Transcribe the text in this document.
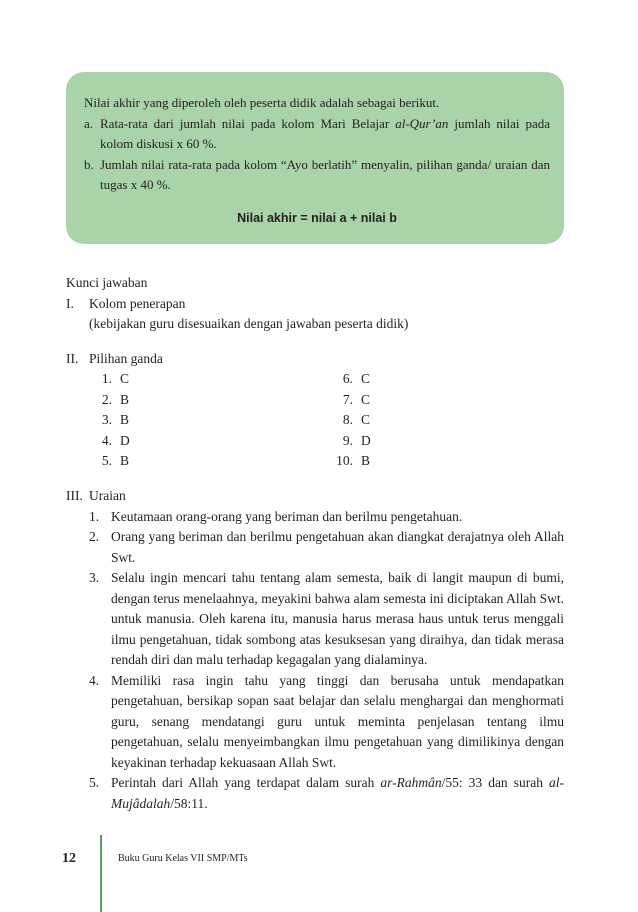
Nilai akhir yang diperoleh oleh peserta didik adalah sebagai berikut.

a. Rata-rata dari jumlah nilai pada kolom Mari Belajar al-Qur’an jumlah nilai pada kolom diskusi x 60 %.
b. Jumlah nilai rata-rata pada kolom “Ayo berlatih” menyalin, pilihan ganda/ uraian dan tugas x 40 %.

Nilai akhir = nilai a + nilai b

Kunci jawaban

I.	Kolom penerapan

(kebijakan guru disesuaikan dengan jawaban peserta didik)

II. Pilihan ganda
1. C
2. B
3. B
4. D
5. B
6. C
7. C
8. C
9. D
10. B
III. Uraian
1. Keutamaan orang-orang yang beriman dan berilmu pengetahuan.
2. Orang yang beriman dan berilmu pengetahuan akan diangkat derajatnya oleh Allah Swt.
3. Selalu ingin mencari tahu tentang alam semesta, baik di langit maupun di bumi, dengan terus menelaahnya, meyakini bahwa alam semesta ini diciptakan Allah Swt. untuk manusia. Oleh karena itu, manusia harus merasa haus untuk terus menggali ilmu pengetahuan, tidak sombong atas kesuksesan yang diraihya, dan tidak merasa rendah diri dan malu terhadap kegagalan yang dialaminya.
4. Memiliki rasa ingin tahu yang tinggi dan berusaha untuk mendapatkan pengetahuan, bersikap sopan saat belajar dan selalu menghargai dan menghormati guru, senang mendatangi guru untuk meminta penjelasan tentang ilmu pengetahuan, selalu menyeimbangkan ilmu pengetahuan yang dimilikinya dengan keyakinan terhadap kekuasaan Allah Swt.
5. Perintah dari Allah yang terdapat dalam surah ar-Rahmân/55: 33 dan surah al-Mujâdalah/58:11.
12	Buku Guru Kelas VII SMP/MTs
